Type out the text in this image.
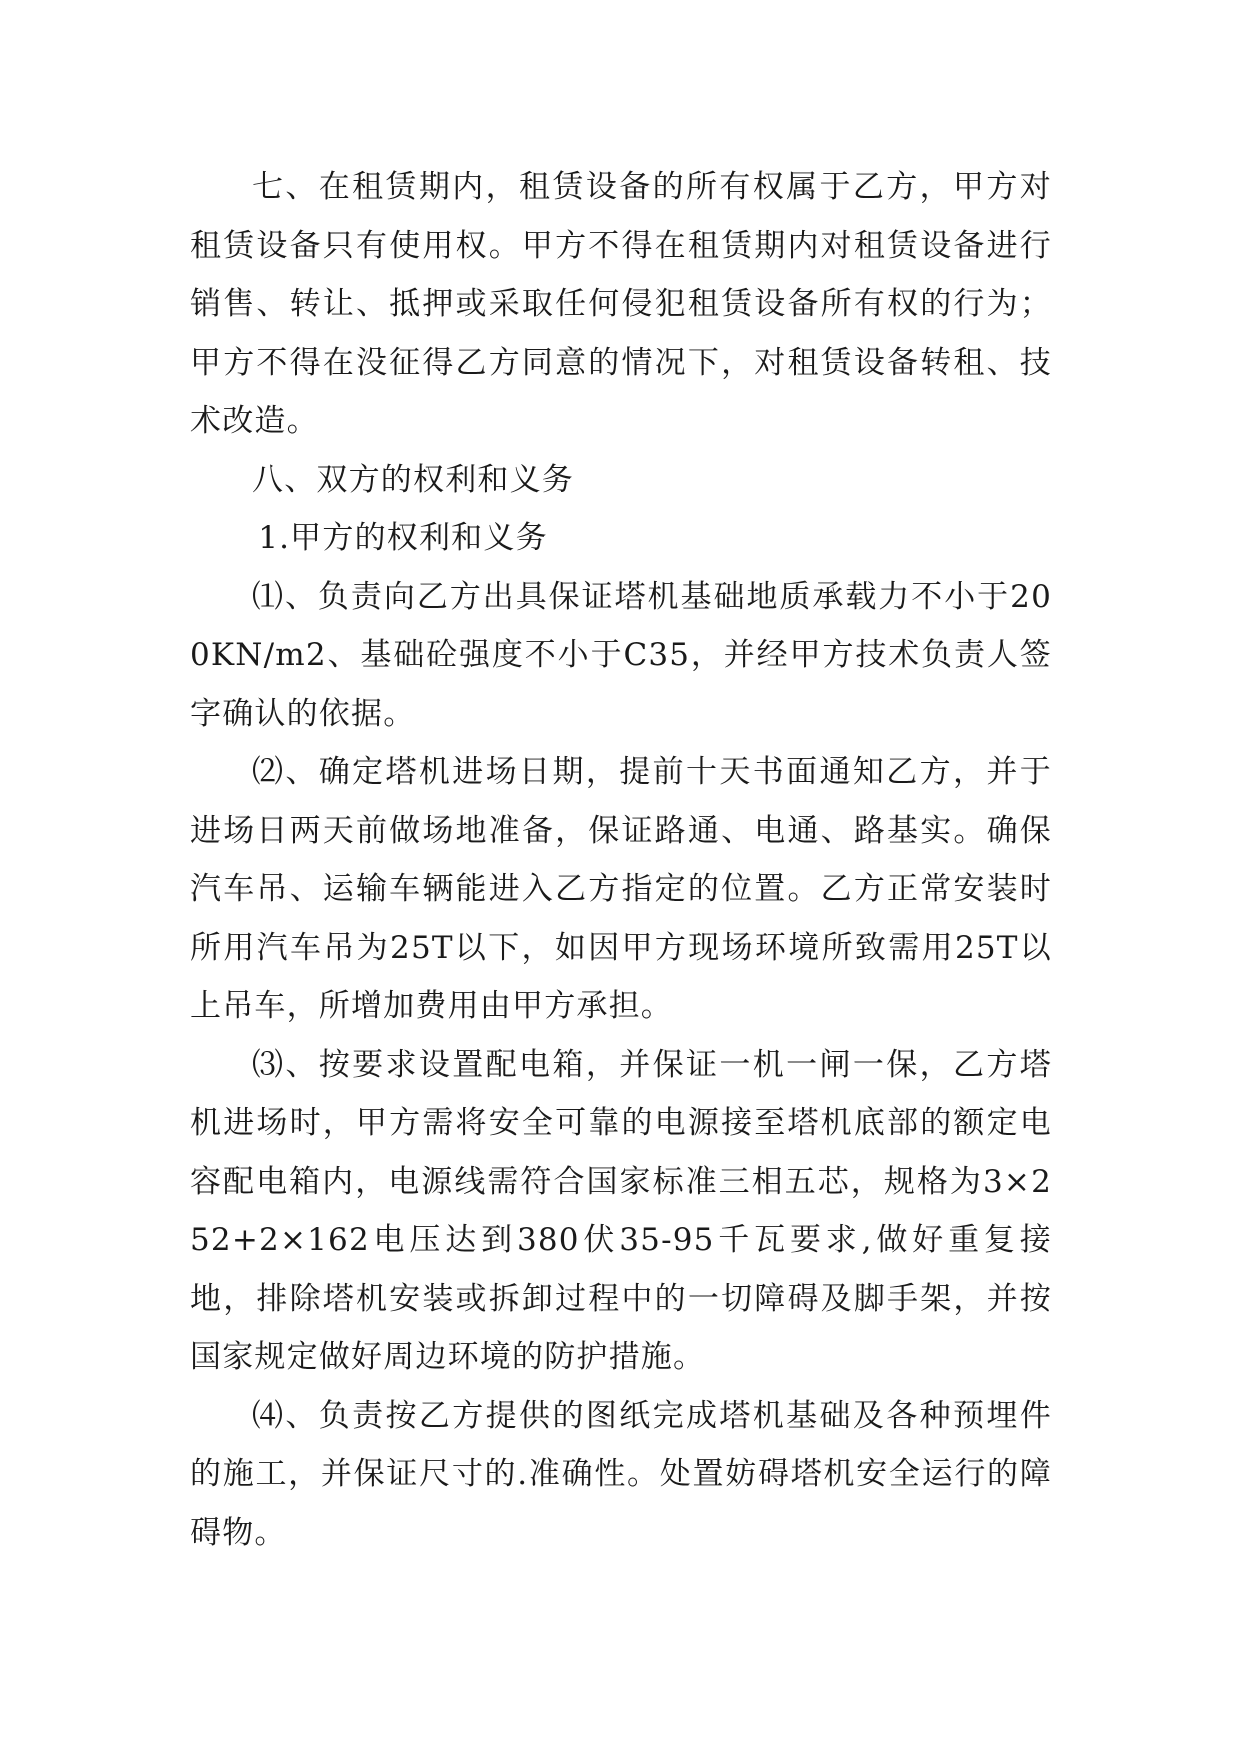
七、在租赁期内，租赁设备的所有权属于乙方，甲方对租赁设备只有使用权。甲方不得在租赁期内对租赁设备进行销售、转让、抵押或采取任何侵犯租赁设备所有权的行为；甲方不得在没征得乙方同意的情况下，对租赁设备转租、技术改造。

八、双方的权利和义务

1.甲方的权利和义务

⑴、负责向乙方出具保证塔机基础地质承载力不小于200KN/m2、基础砼强度不小于C35，并经甲方技术负责人签字确认的依据。

⑵、确定塔机进场日期，提前十天书面通知乙方，并于进场日两天前做场地准备，保证路通、电通、路基实。确保汽车吊、运输车辆能进入乙方指定的位置。乙方正常安装时所用汽车吊为25T以下，如因甲方现场环境所致需用25T以上吊车，所增加费用由甲方承担。

⑶、按要求设置配电箱，并保证一机一闸一保，乙方塔机进场时，甲方需将安全可靠的电源接至塔机底部的额定电容配电箱内，电源线需符合国家标准三相五芯，规格为3×252+2×162电压达到380伏35-95千瓦要求,做好重复接地，排除塔机安装或拆卸过程中的一切障碍及脚手架，并按国家规定做好周边环境的防护措施。

⑷、负责按乙方提供的图纸完成塔机基础及各种预埋件的施工，并保证尺寸的.准确性。处置妨碍塔机安全运行的障碍物。
